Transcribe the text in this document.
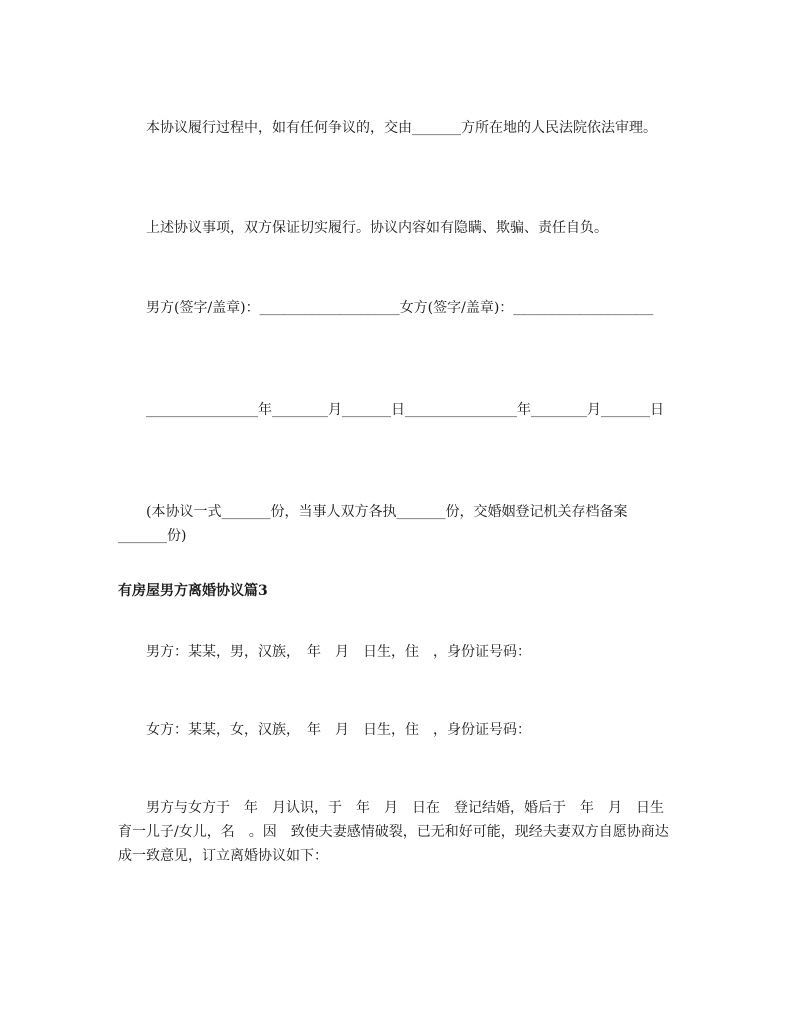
　　本协议履行过程中，如有任何争议的，交由_______方所在地的人民法院依法审理。

　　上述协议事项，双方保证切实履行。协议内容如有隐瞒、欺骗、责任自负。

　　男方(签字/盖章)：____________________女方(签字/盖章)：____________________

　　________________年________月_______日________________年________月_______日

　　(本协议一式_______份，当事人双方各执_______份，交婚姻登记机关存档备案_______份)

有房屋男方离婚协议篇3

　　男方：某某，男，汉族，　年　月　日生，住　，身份证号码：

　　女方：某某，女，汉族，　年　月　日生，住　，身份证号码：

　　男方与女方于　年　月认识，于　年　月　日在　登记结婚，婚后于　年　月　日生育一儿子/女儿，名　。因　致使夫妻感情破裂，已无和好可能，现经夫妻双方自愿协商达成一致意见，订立离婚协议如下：
